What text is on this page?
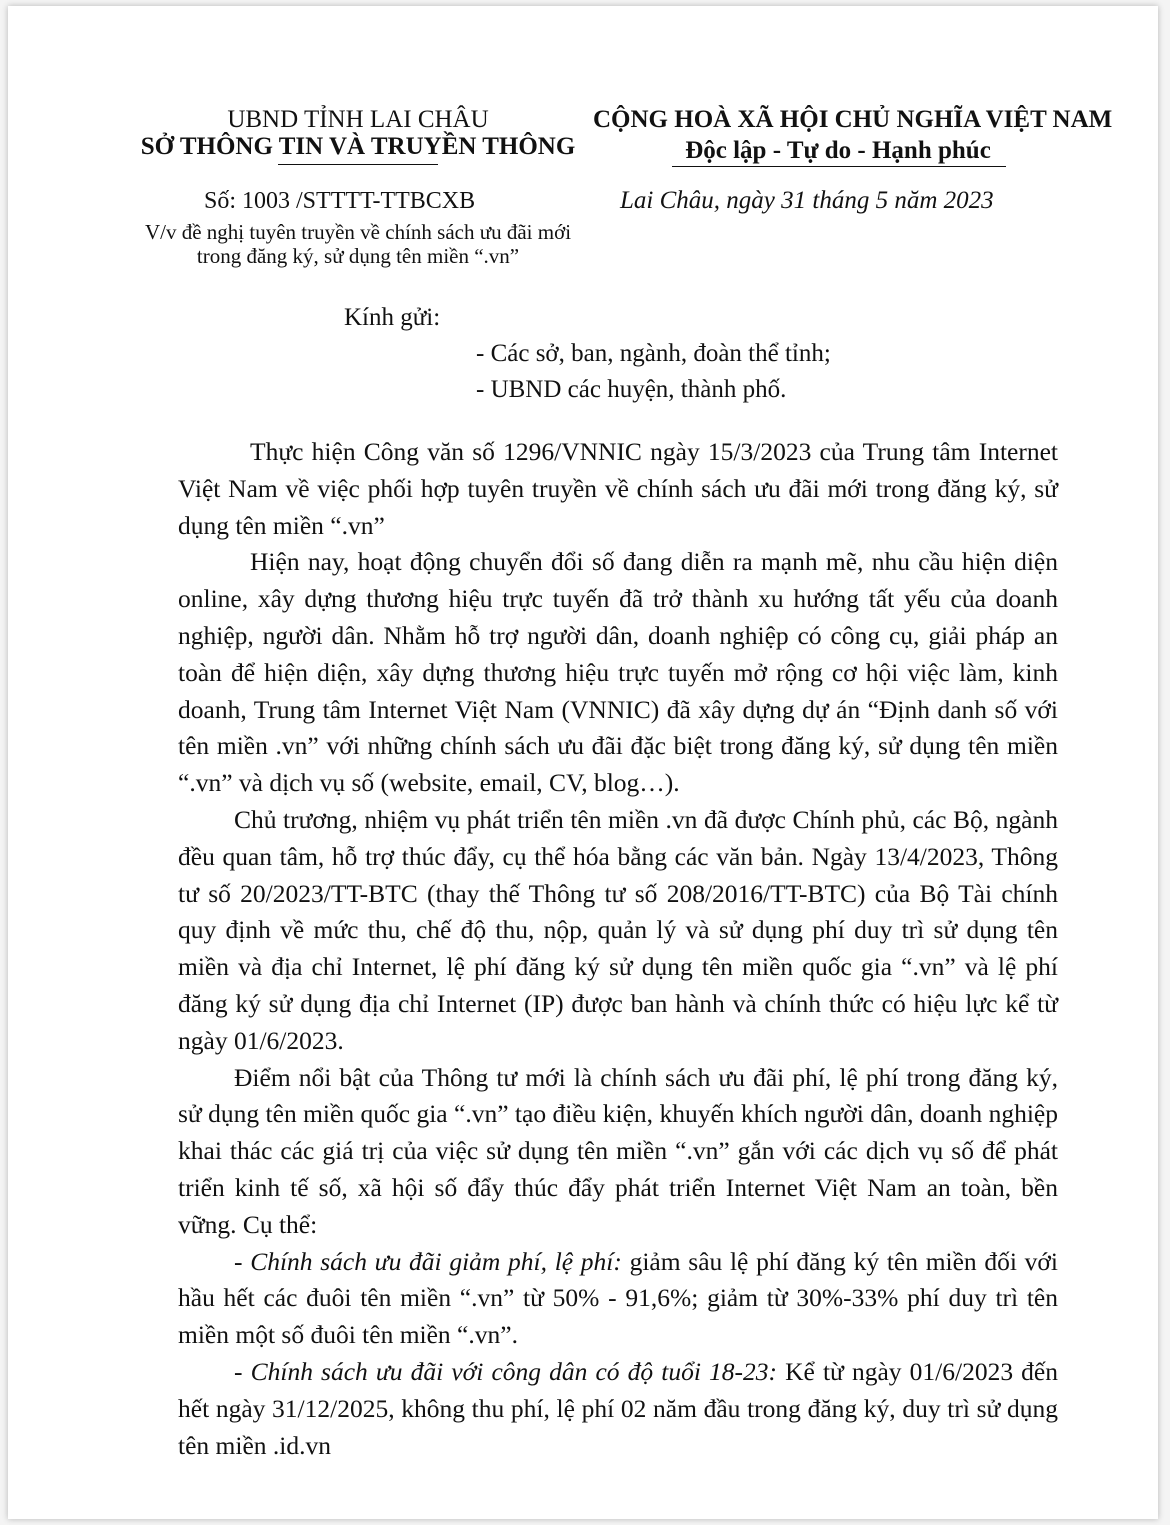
UBND TỈNH LAI CHÂU
SỞ THÔNG TIN VÀ TRUYỀN THÔNG
CỘNG HOÀ XÃ HỘI CHỦ NGHĨA VIỆT NAM
Độc lập - Tự do - Hạnh phúc
Số: 1003 /STTTT-TTBCXB
V/v đề nghị tuyên truyền về chính sách ưu đãi mới trong đăng ký, sử dụng tên miền “.vn”
Lai Châu, ngày 31 tháng 5 năm 2023
Kính gửi:
- Các sở, ban, ngành, đoàn thể tỉnh;
- UBND các huyện, thành phố.

Thực hiện Công văn số 1296/VNNIC ngày 15/3/2023 của Trung tâm Internet Việt Nam về việc phối hợp tuyên truyền về chính sách ưu đãi mới trong đăng ký, sử dụng tên miền “.vn”

Hiện nay, hoạt động chuyển đổi số đang diễn ra mạnh mẽ, nhu cầu hiện diện online, xây dựng thương hiệu trực tuyến đã trở thành xu hướng tất yếu của doanh nghiệp, người dân. Nhằm hỗ trợ người dân, doanh nghiệp có công cụ, giải pháp an toàn để hiện diện, xây dựng thương hiệu trực tuyến mở rộng cơ hội việc làm, kinh doanh, Trung tâm Internet Việt Nam (VNNIC) đã xây dựng dự án “Định danh số với tên miền .vn” với những chính sách ưu đãi đặc biệt trong đăng ký, sử dụng tên miền “.vn” và dịch vụ số (website, email, CV, blog…).

Chủ trương, nhiệm vụ phát triển tên miền .vn đã được Chính phủ, các Bộ, ngành đều quan tâm, hỗ trợ thúc đẩy, cụ thể hóa bằng các văn bản. Ngày 13/4/2023, Thông tư số 20/2023/TT-BTC (thay thế Thông tư số 208/2016/TT-BTC) của Bộ Tài chính quy định về mức thu, chế độ thu, nộp, quản lý và sử dụng phí duy trì sử dụng tên miền và địa chỉ Internet, lệ phí đăng ký sử dụng tên miền quốc gia “.vn” và lệ phí đăng ký sử dụng địa chỉ Internet (IP) được ban hành và chính thức có hiệu lực kể từ ngày 01/6/2023.

Điểm nổi bật của Thông tư mới là chính sách ưu đãi phí, lệ phí trong đăng ký, sử dụng tên miền quốc gia “.vn” tạo điều kiện, khuyến khích người dân, doanh nghiệp khai thác các giá trị của việc sử dụng tên miền “.vn” gắn với các dịch vụ số để phát triển kinh tế số, xã hội số đẩy thúc đẩy phát triển Internet Việt Nam an toàn, bền vững. Cụ thể:

- Chính sách ưu đãi giảm phí, lệ phí: giảm sâu lệ phí đăng ký tên miền đối với hầu hết các đuôi tên miền “.vn” từ 50% - 91,6%; giảm từ 30%-33% phí duy trì tên miền một số đuôi tên miền “.vn”.

- Chính sách ưu đãi với công dân có độ tuổi 18-23: Kể từ ngày 01/6/2023 đến hết ngày 31/12/2025, không thu phí, lệ phí 02 năm đầu trong đăng ký, duy trì sử dụng tên miền .id.vn
